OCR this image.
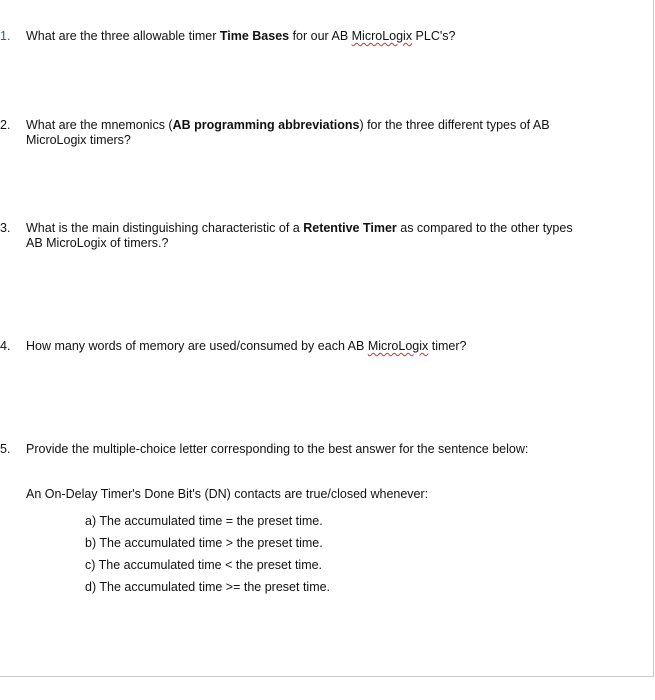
1.	What are the three allowable timer Time Bases for our AB MicroLogix PLC's?
2.	What are the mnemonics (AB programming abbreviations) for the three different types of AB
MicroLogix timers?
3.	What is the main distinguishing characteristic of a Retentive Timer as compared to the other types
AB MicroLogix of timers.?
4.	How many words of memory are used/consumed by each AB MicroLogix timer?
5.	Provide the multiple-choice letter corresponding to the best answer for the sentence below:
An On-Delay Timer's Done Bit's (DN) contacts are true/closed whenever:
a) The accumulated time = the preset time.
b) The accumulated time > the preset time.
c) The accumulated time < the preset time.
d) The accumulated time >= the preset time.
